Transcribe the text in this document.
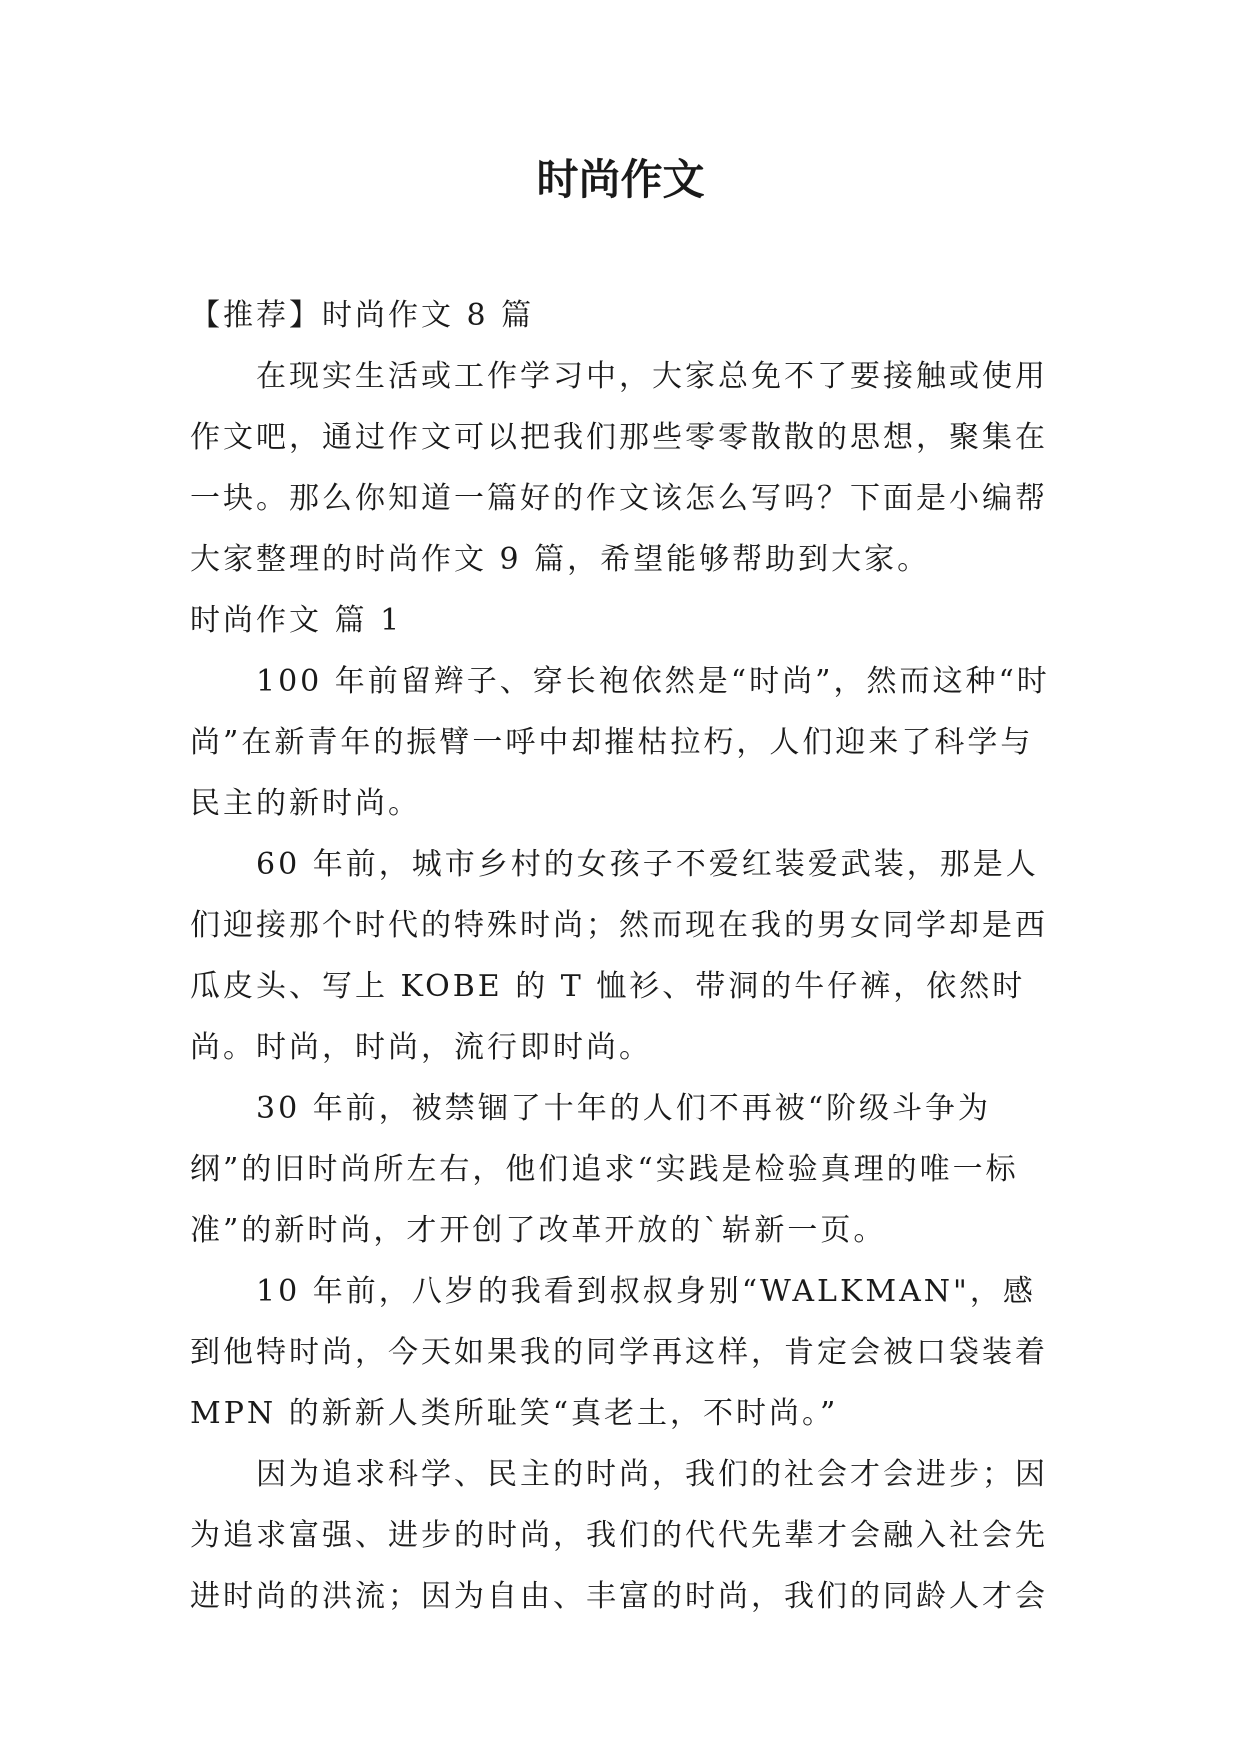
时尚作文

【推荐】时尚作文 8 篇

在现实生活或工作学习中，大家总免不了要接触或使用作文吧，通过作文可以把我们那些零零散散的思想，聚集在一块。那么你知道一篇好的作文该怎么写吗？下面是小编帮大家整理的时尚作文 9 篇，希望能够帮助到大家。

时尚作文 篇 1

100 年前留辫子、穿长袍依然是“时尚”，然而这种“时尚”在新青年的振臂一呼中却摧枯拉朽，人们迎来了科学与民主的新时尚。

60 年前，城市乡村的女孩子不爱红装爱武装，那是人们迎接那个时代的特殊时尚；然而现在我的男女同学却是西瓜皮头、写上 KOBE 的 T 恤衫、带洞的牛仔裤，依然时尚。时尚，时尚，流行即时尚。

30 年前，被禁锢了十年的人们不再被“阶级斗争为纲”的旧时尚所左右，他们追求“实践是检验真理的唯一标准”的新时尚，才开创了改革开放的`崭新一页。

10 年前，八岁的我看到叔叔身别“WALKMAN"，感到他特时尚，今天如果我的同学再这样，肯定会被口袋装着 MPN 的新新人类所耻笑“真老土，不时尚。”

因为追求科学、民主的时尚，我们的社会才会进步；因为追求富强、进步的时尚，我们的代代先辈才会融入社会先进时尚的洪流；因为自由、丰富的时尚，我们的同龄人才会
